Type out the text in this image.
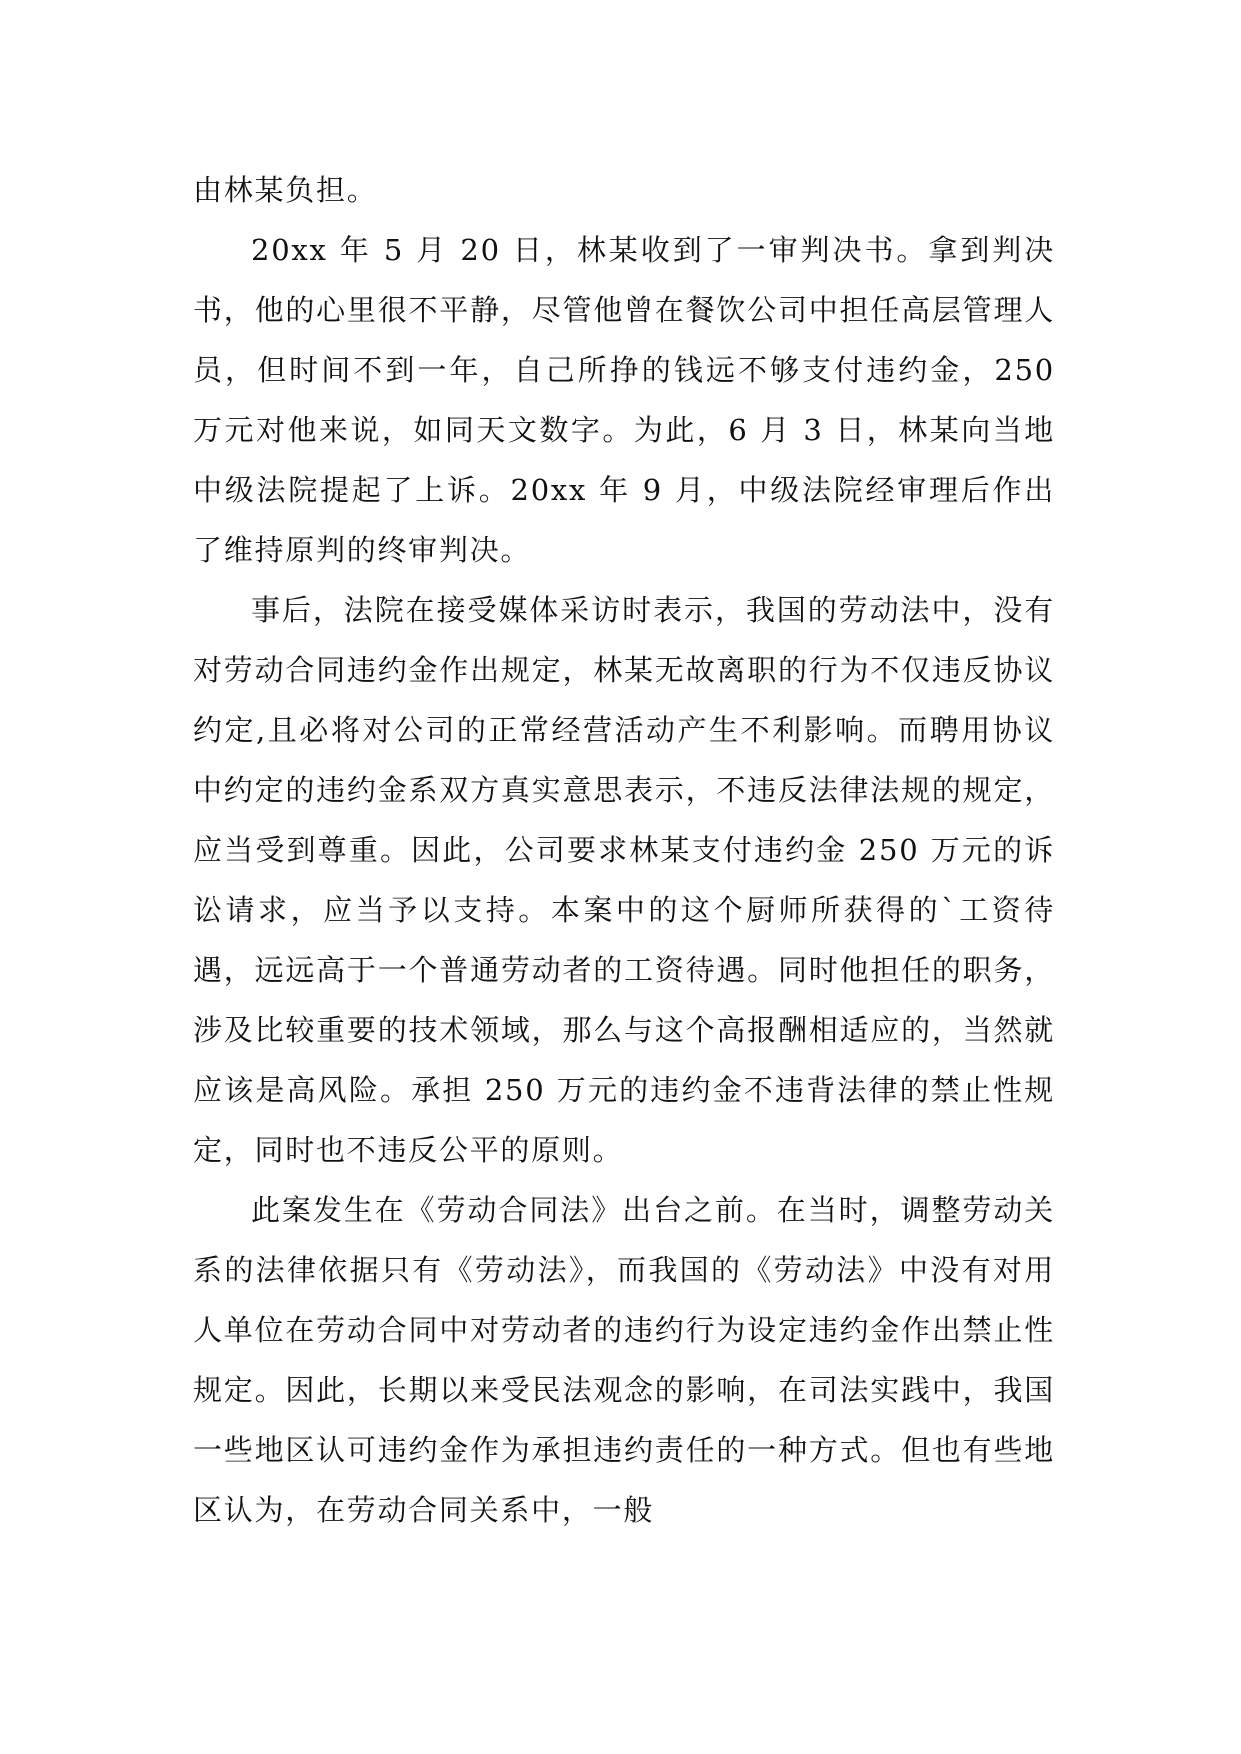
由林某负担。

20xx 年 5 月 20 日，林某收到了一审判决书。拿到判决书，他的心里很不平静，尽管他曾在餐饮公司中担任高层管理人员，但时间不到一年，自己所挣的钱远不够支付违约金，250 万元对他来说，如同天文数字。为此，6 月 3 日，林某向当地中级法院提起了上诉。20xx 年 9 月，中级法院经审理后作出了维持原判的终审判决。

事后，法院在接受媒体采访时表示，我国的劳动法中，没有对劳动合同违约金作出规定，林某无故离职的行为不仅违反协议约定,且必将对公司的正常经营活动产生不利影响。而聘用协议中约定的违约金系双方真实意思表示，不违反法律法规的规定，应当受到尊重。因此，公司要求林某支付违约金 250 万元的诉讼请求，应当予以支持。本案中的这个厨师所获得的`工资待遇，远远高于一个普通劳动者的工资待遇。同时他担任的职务，涉及比较重要的技术领域，那么与这个高报酬相适应的，当然就应该是高风险。承担 250 万元的违约金不违背法律的禁止性规定，同时也不违反公平的原则。

此案发生在《劳动合同法》出台之前。在当时，调整劳动关系的法律依据只有《劳动法》，而我国的《劳动法》中没有对用人单位在劳动合同中对劳动者的违约行为设定违约金作出禁止性规定。因此，长期以来受民法观念的影响，在司法实践中，我国一些地区认可违约金作为承担违约责任的一种方式。但也有些地区认为，在劳动合同关系中，一般
